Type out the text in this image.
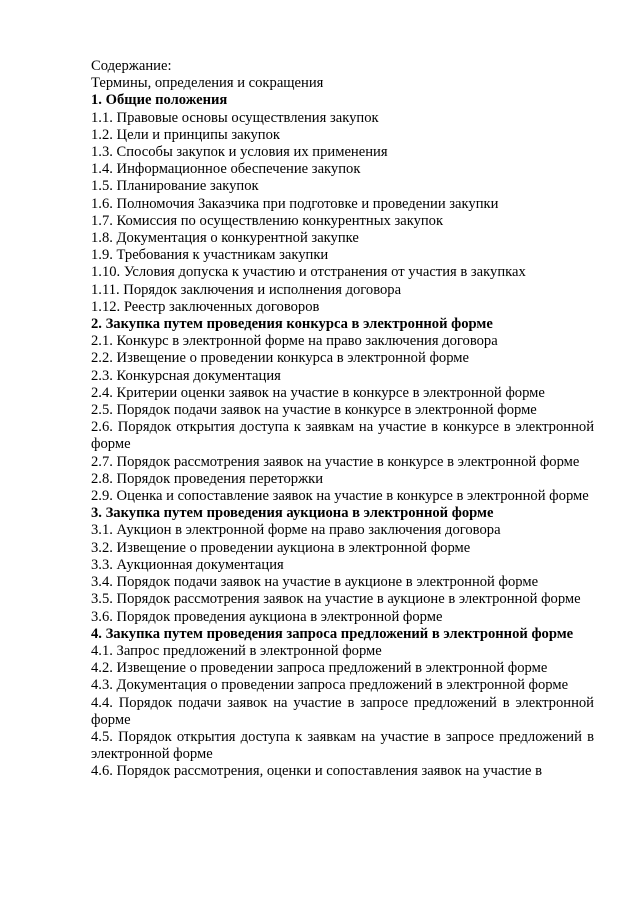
Содержание:
Термины, определения и сокращения
1. Общие положения
1.1. Правовые основы осуществления закупок
1.2. Цели и принципы закупок
1.3. Способы закупок и условия их применения
1.4. Информационное обеспечение закупок
1.5. Планирование закупок
1.6. Полномочия Заказчика при подготовке и проведении закупки
1.7. Комиссия по осуществлению конкурентных закупок
1.8. Документация о конкурентной закупке
1.9. Требования к участникам закупки
1.10. Условия допуска к участию и отстранения от участия в закупках
1.11. Порядок заключения и исполнения договора
1.12. Реестр заключенных договоров
2. Закупка путем проведения конкурса в электронной форме
2.1. Конкурс в электронной форме на право заключения договора
2.2. Извещение о проведении конкурса в электронной форме
2.3. Конкурсная документация
2.4. Критерии оценки заявок на участие в конкурсе в электронной форме
2.5. Порядок подачи заявок на участие в конкурсе в электронной форме
2.6. Порядок открытия доступа к заявкам на участие в конкурсе в электронной форме
2.7. Порядок рассмотрения заявок на участие в конкурсе в электронной форме
2.8. Порядок проведения переторжки
2.9. Оценка и сопоставление заявок на участие в конкурсе в электронной форме
3. Закупка путем проведения аукциона в электронной форме
3.1. Аукцион в электронной форме на право заключения договора
3.2. Извещение о проведении аукциона в электронной форме
3.3. Аукционная документация
3.4. Порядок подачи заявок на участие в аукционе в электронной форме
3.5. Порядок рассмотрения заявок на участие в аукционе в электронной форме
3.6. Порядок проведения аукциона в электронной форме
4. Закупка путем проведения запроса предложений в электронной форме
4.1. Запрос предложений в электронной форме
4.2. Извещение о проведении запроса предложений в электронной форме
4.3. Документация о проведении запроса предложений в электронной форме
4.4. Порядок подачи заявок на участие в запросе предложений в электронной форме
4.5. Порядок открытия доступа к заявкам на участие в запросе предложений в электронной форме
4.6. Порядок рассмотрения, оценки и сопоставления заявок на участие в
